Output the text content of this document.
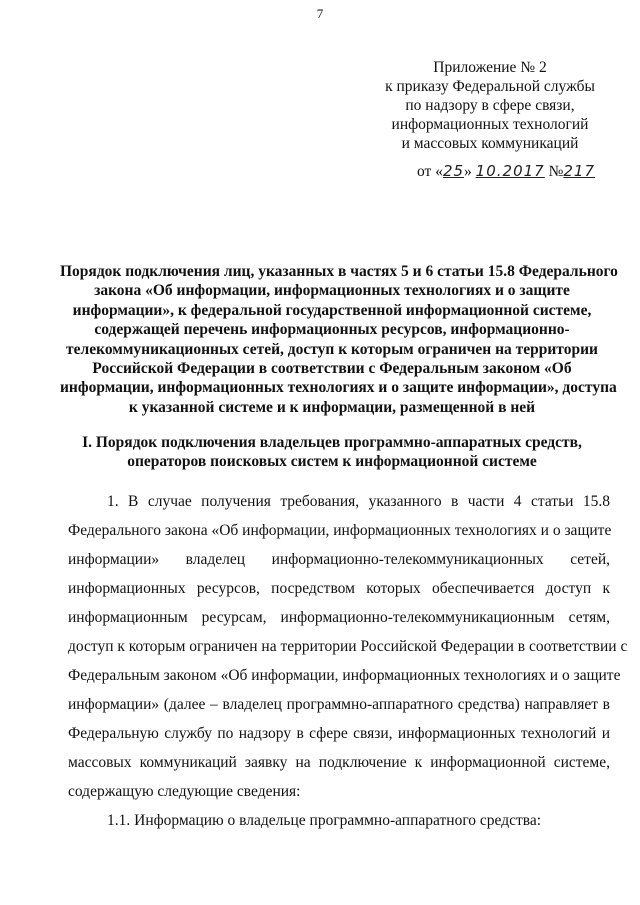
7
Приложение № 2
к приказу Федеральной службы
по надзору в сфере связи,
информационных технологий
и массовых коммуникаций
от «25» 10.2017 №217
Порядок подключения лиц, указанных в частях 5 и 6 статьи 15.8 Федерального
закона «Об информации, информационных технологиях и о защите
информации», к федеральной государственной информационной системе,
содержащей перечень информационных ресурсов, информационно-
телекоммуникационных сетей, доступ к которым ограничен на территории
Российской Федерации в соответствии с Федеральным законом «Об
информации, информационных технологиях и о защите информации», доступа
к указанной системе и к информации, размещенной в ней
I. Порядок подключения владельцев программно-аппаратных средств,
операторов поисковых систем к информационной системе
1. В случае получения требования, указанного в части 4 статьи 15.8
Федерального закона «Об информации, информационных технологиях и о защите
информации» владелец информационно-телекоммуникационных сетей,
информационных ресурсов, посредством которых обеспечивается доступ к
информационным ресурсам, информационно-телекоммуникационным сетям,
доступ к которым ограничен на территории Российской Федерации в соответствии с
Федеральным законом «Об информации, информационных технологиях и о защите
информации» (далее – владелец программно-аппаратного средства) направляет в
Федеральную службу по надзору в сфере связи, информационных технологий и
массовых коммуникаций заявку на подключение к информационной системе,
содержащую следующие сведения:
1.1. Информацию о владельце программно-аппаратного средства:
